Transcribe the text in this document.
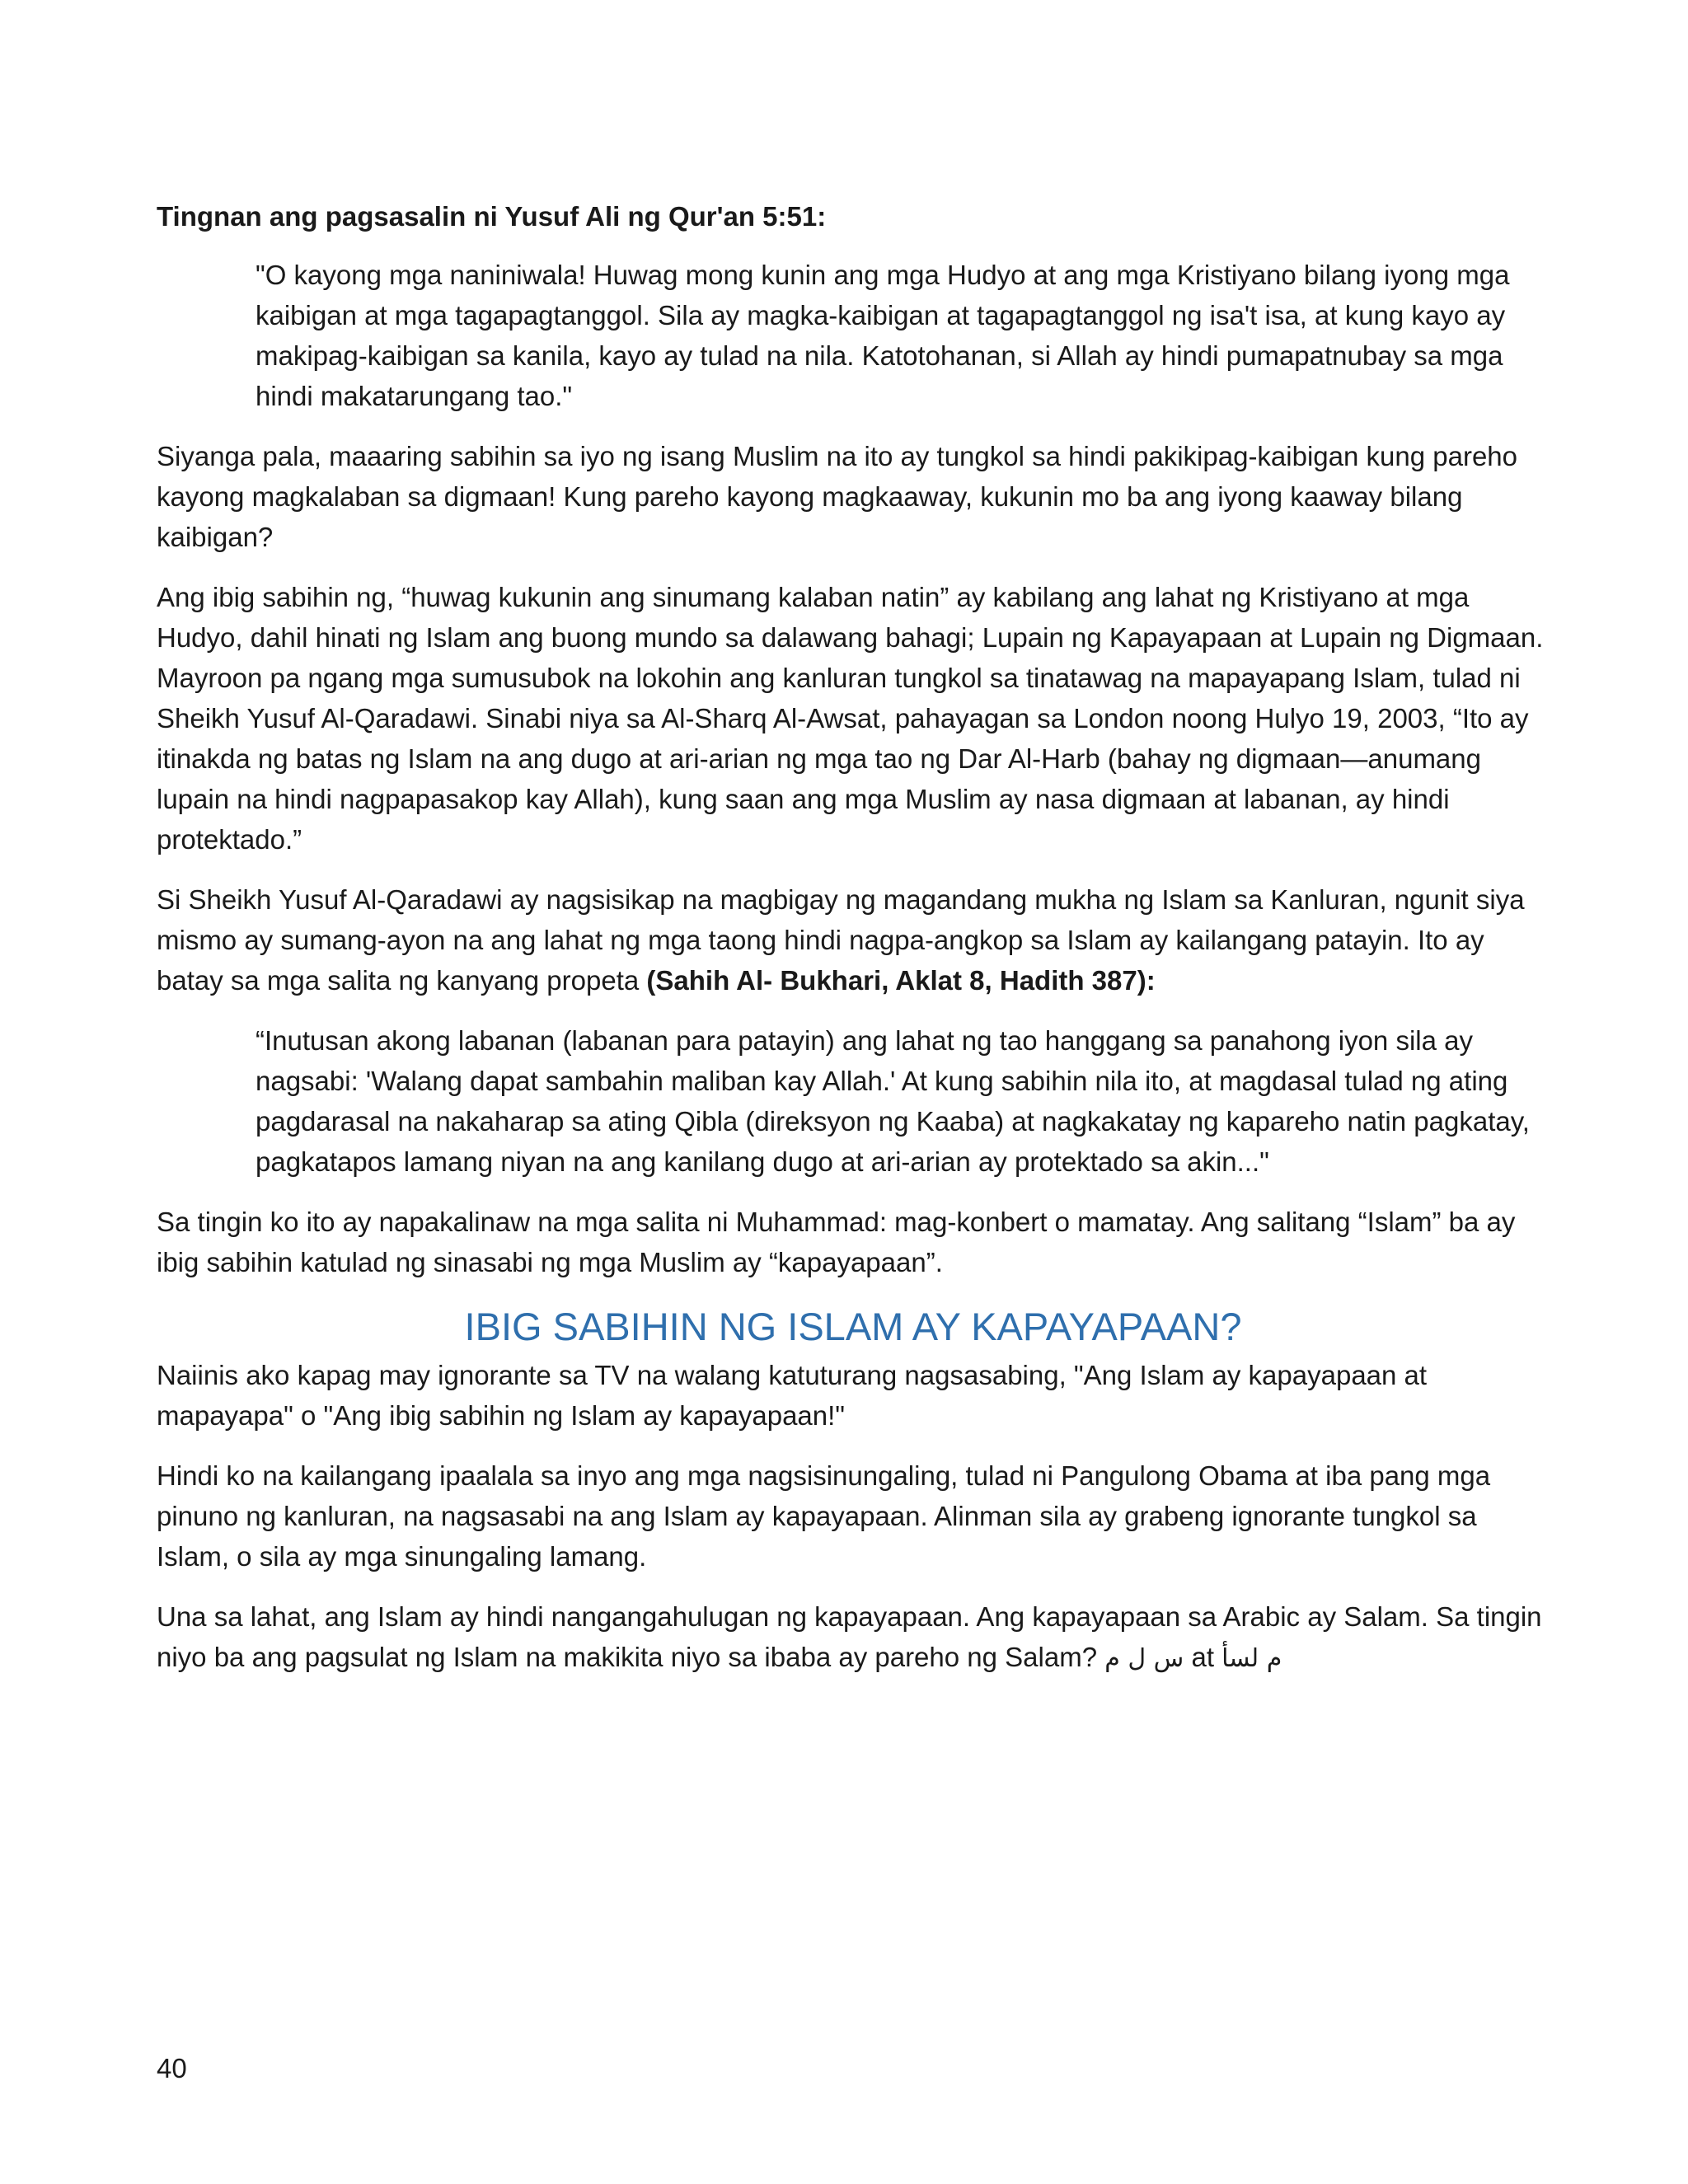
Tingnan ang pagsasalin ni Yusuf Ali ng Qur'an 5:51:

"O kayong mga naniniwala! Huwag mong kunin ang mga Hudyo at ang mga Kristiyano bilang iyong mga kaibigan at mga tagapagtanggol. Sila ay magka-kaibigan at tagapagtanggol ng isa't isa, at kung kayo ay makipag-kaibigan sa kanila, kayo ay tulad na nila. Katotohanan, si Allah ay hindi pumapatnubay sa mga hindi makatarungang tao."

Siyanga pala, maaaring sabihin sa iyo ng isang Muslim na ito ay tungkol sa hindi pakikipag-kaibigan kung pareho kayong magkalaban sa digmaan! Kung pareho kayong magkaaway, kukunin mo ba ang iyong kaaway bilang kaibigan?

Ang ibig sabihin ng, “huwag kukunin ang sinumang kalaban natin” ay kabilang ang lahat ng Kristiyano at mga Hudyo, dahil hinati ng Islam ang buong mundo sa dalawang bahagi; Lupain ng Kapayapaan at Lupain ng Digmaan. Mayroon pa ngang mga sumusubok na lokohin ang kanluran tungkol sa tinatawag na mapayapang Islam, tulad ni Sheikh Yusuf Al-Qaradawi. Sinabi niya sa Al-Sharq Al-Awsat, pahayagan sa London noong Hulyo 19, 2003, “Ito ay itinakda ng batas ng Islam na ang dugo at ari-arian ng mga tao ng Dar Al-Harb (bahay ng digmaan—anumang lupain na hindi nagpapasakop kay Allah), kung saan ang mga Muslim ay nasa digmaan at labanan, ay hindi protektado.”

Si Sheikh Yusuf Al-Qaradawi ay nagsisikap na magbigay ng magandang mukha ng Islam sa Kanluran, ngunit siya mismo ay sumang-ayon na ang lahat ng mga taong hindi nagpa-angkop sa Islam ay kailangang patayin. Ito ay batay sa mga salita ng kanyang propeta (Sahih Al- Bukhari, Aklat 8, Hadith 387):

“Inutusan akong labanan (labanan para patayin) ang lahat ng tao hanggang sa panahong iyon sila ay nagsabi: 'Walang dapat sambahin maliban kay Allah.' At kung sabihin nila ito, at magdasal tulad ng ating pagdarasal na nakaharap sa ating Qibla (direksyon ng Kaaba) at nagkakatay ng kapareho natin pagkatay, pagkatapos lamang niyan na ang kanilang dugo at ari-arian ay protektado sa akin..."

Sa tingin ko ito ay napakalinaw na mga salita ni Muhammad: mag-konbert o mamatay. Ang salitang “Islam” ba ay ibig sabihin katulad ng sinasabi ng mga Muslim ay “kapayapaan”.

IBIG SABIHIN NG ISLAM AY KAPAYAPAAN?

Naiinis ako kapag may ignorante sa TV na walang katuturang nagsasabing, "Ang Islam ay kapayapaan at mapayapa" o "Ang ibig sabihin ng Islam ay kapayapaan!"

Hindi ko na kailangang ipaalala sa inyo ang mga nagsisinungaling, tulad ni Pangulong Obama at iba pang mga pinuno ng kanluran, na nagsasabi na ang Islam ay kapayapaan. Alinman sila ay grabeng ignorante tungkol sa Islam, o sila ay mga sinungaling lamang.

Una sa lahat, ang Islam ay hindi nangangahulugan ng kapayapaan. Ang kapayapaan sa Arabic ay Salam. Sa tingin niyo ba ang pagsulat ng Islam na makikita niyo sa ibaba ay pareho ng Salam? س ل م at م لسأ

40
